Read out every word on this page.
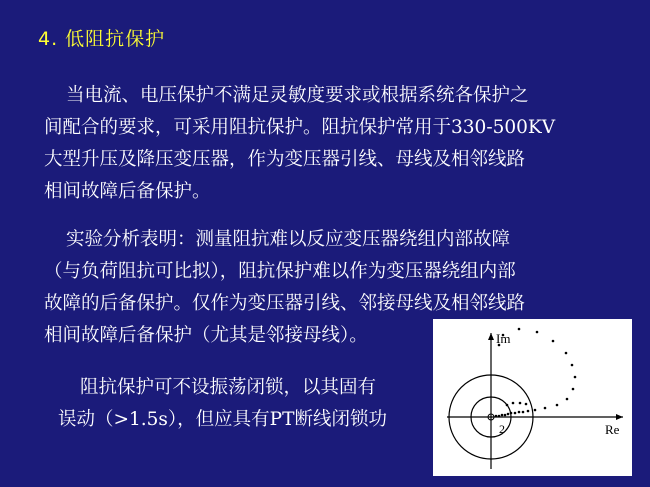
4. 低阻抗保护
当电流、电压保护不满足灵敏度要求或根据系统各保护之
间配合的要求，可采用阻抗保护。阻抗保护常用于330-500KV
大型升压及降压变压器，作为变压器引线、母线及相邻线路
相间故障后备保护。
实验分析表明：测量阻抗难以反应变压器绕组内部故障
（与负荷阻抗可比拟），阻抗保护难以作为变压器绕组内部
故障的后备保护。仅作为变压器引线、邻接母线及相邻线路
相间故障后备保护（尤其是邻接母线）。
阻抗保护可不设振荡闭锁，以其固有
误动（>1.5s），但应具有PT断线闭锁功
Im
Re
2
思仿继电保护
